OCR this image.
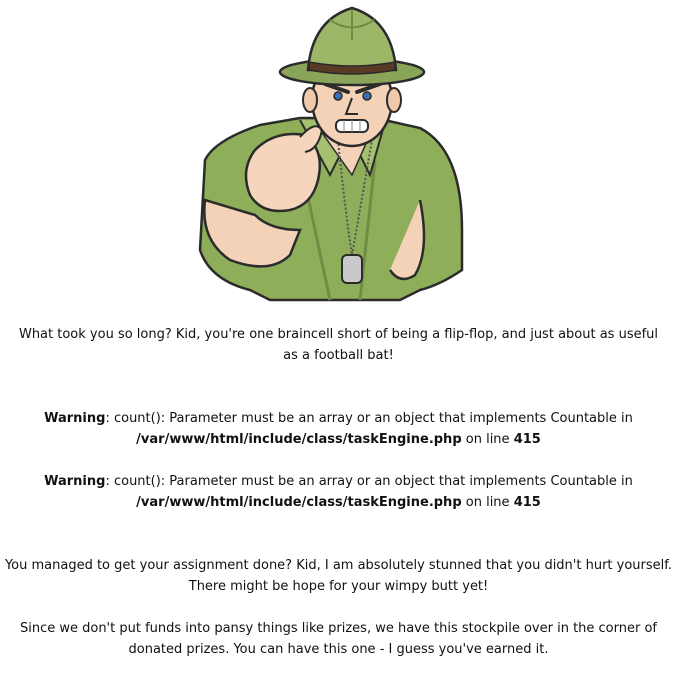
What took you so long? Kid, you're one braincell short of being a flip-flop, and just about as useful as a football bat!

Warning: count(): Parameter must be an array or an object that implements Countable in /var/www/html/include/class/taskEngine.php on line 415

Warning: count(): Parameter must be an array or an object that implements Countable in /var/www/html/include/class/taskEngine.php on line 415

You managed to get your assignment done? Kid, I am absolutely stunned that you didn't hurt yourself. There might be hope for your wimpy butt yet!

Since we don't put funds into pansy things like prizes, we have this stockpile over in the corner of donated prizes. You can have this one - I guess you've earned it.
